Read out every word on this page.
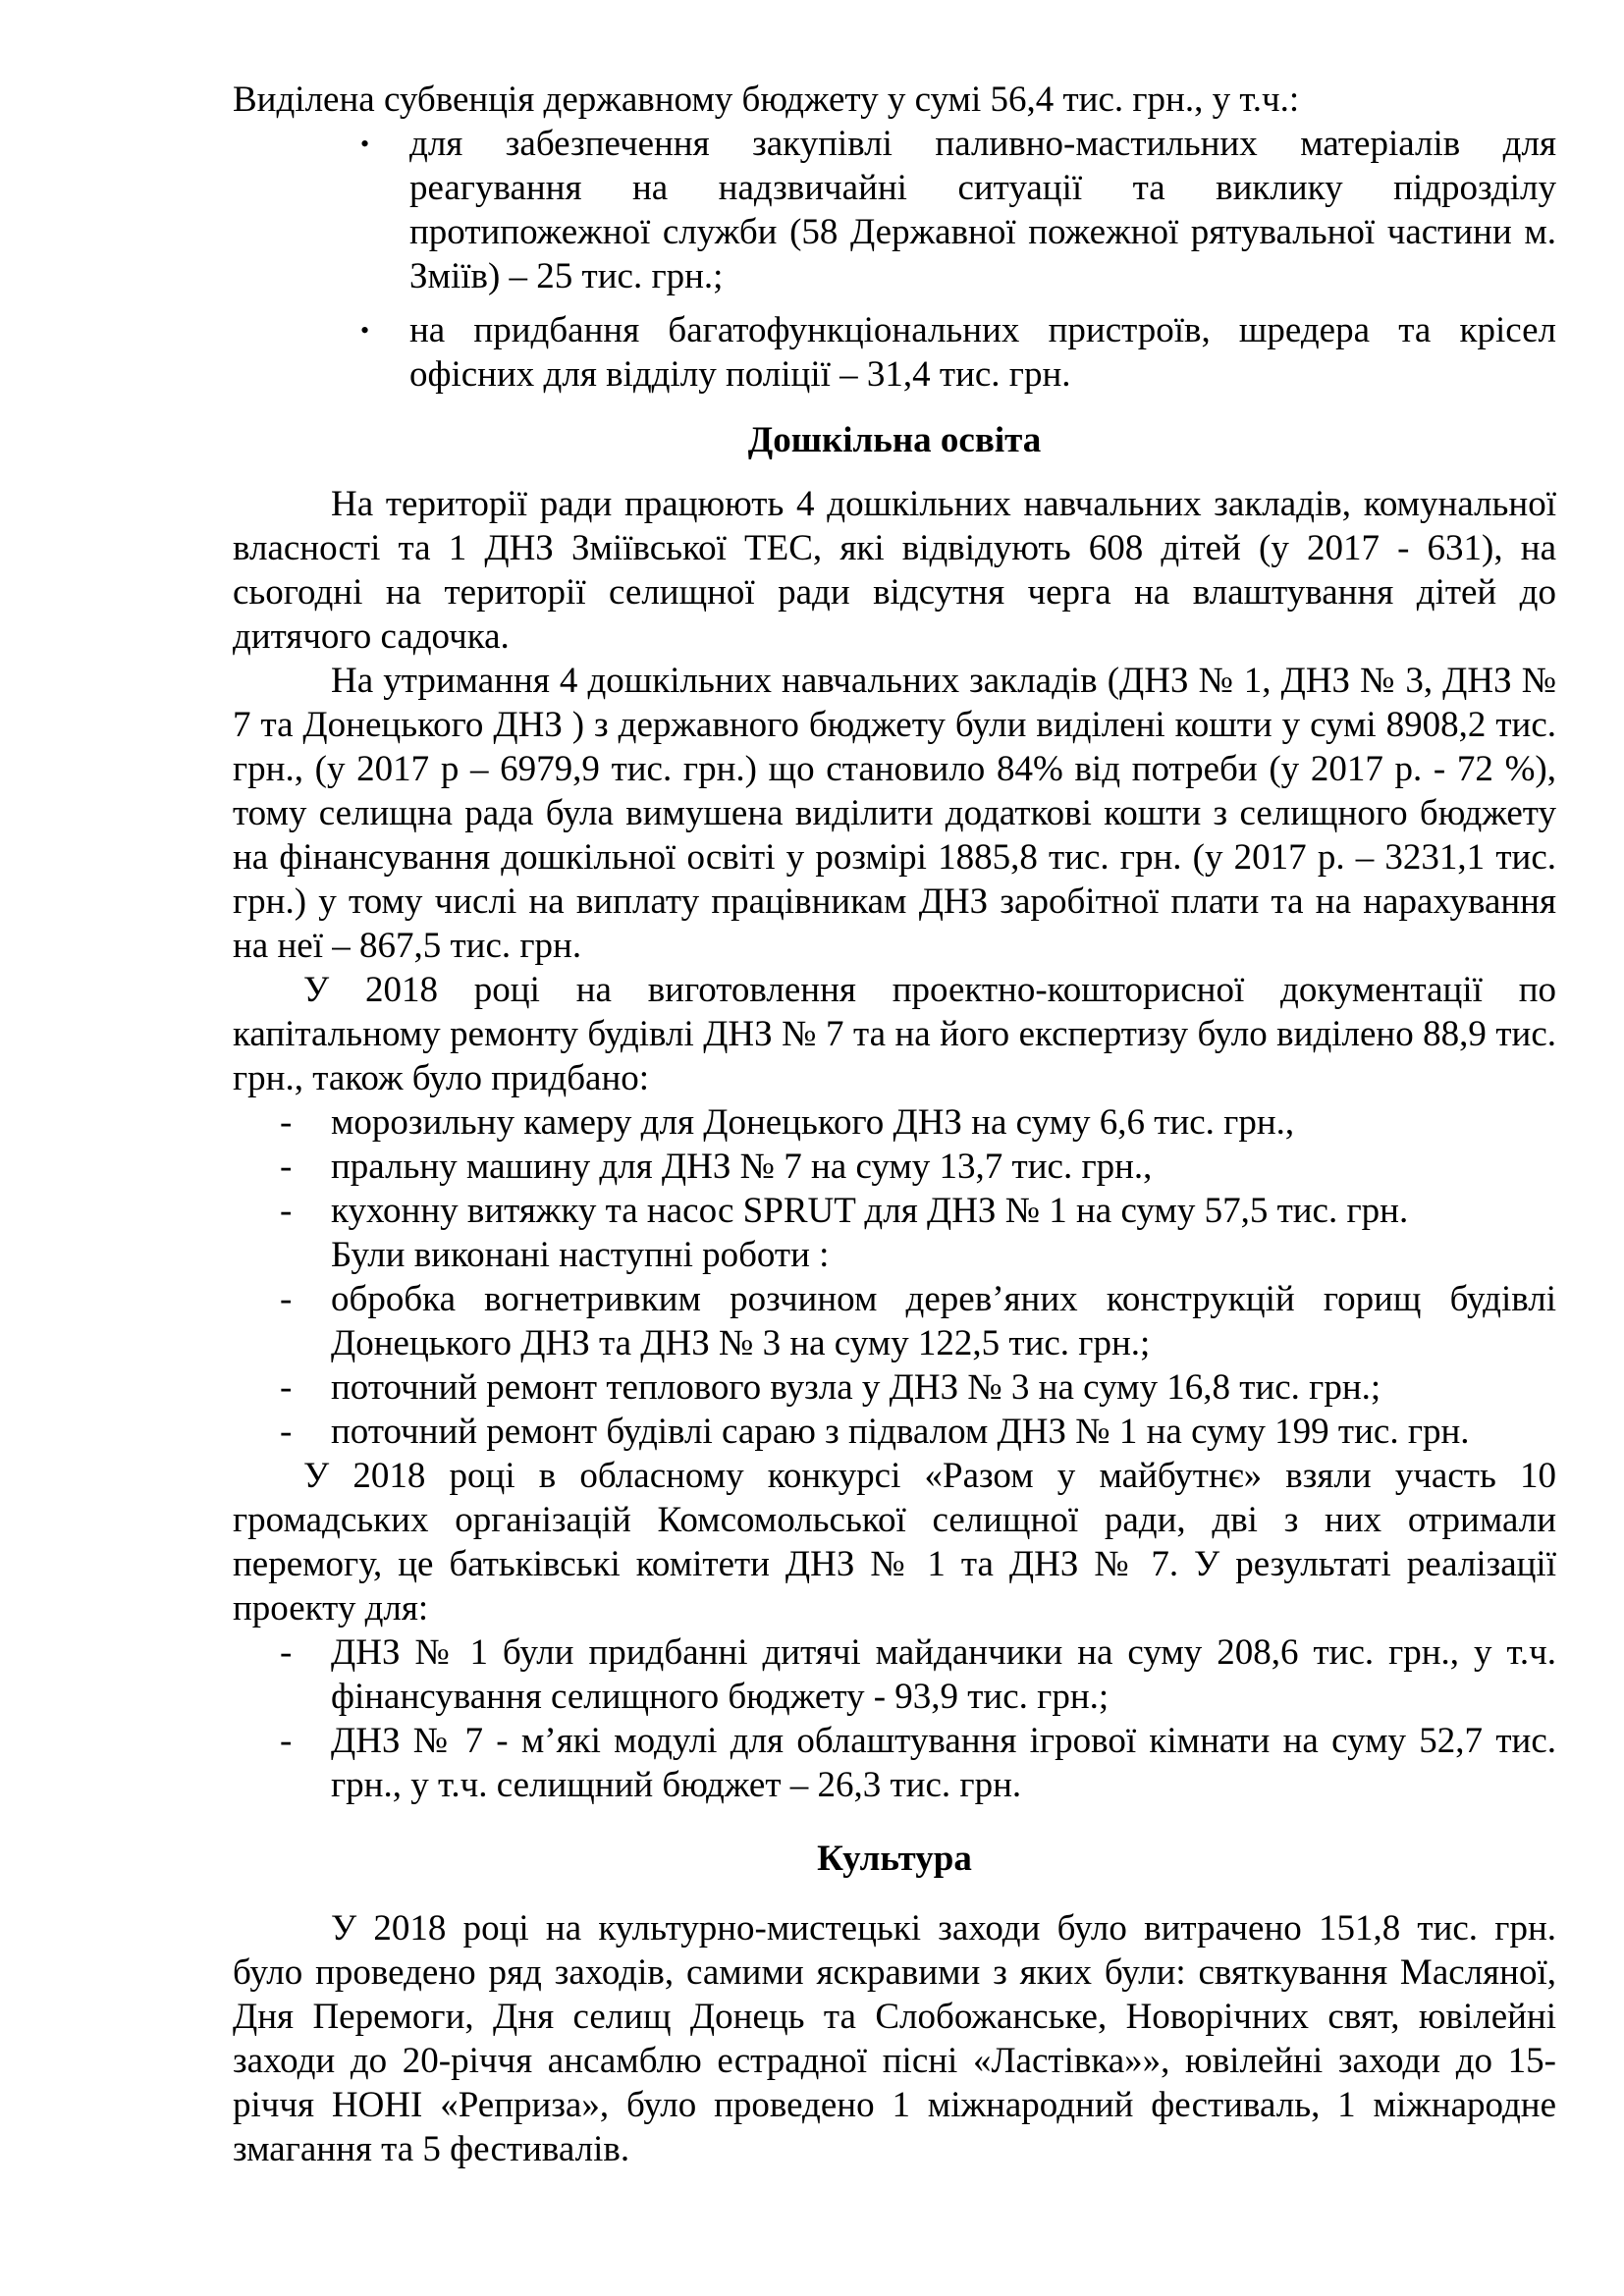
Виділена субвенція державному бюджету у сумі 56,4 тис. грн., у т.ч.:

• для забезпечення закупівлі паливно-мастильних матеріалів для реагування на надзвичайні ситуації та виклику підрозділу протипожежної служби (58 Державної пожежної рятувальної частини м. Зміїв) – 25 тис. грн.;
• на придбання багатофункціональних пристроїв, шредера та крісел офісних для відділу поліції – 31,4 тис. грн.
Дошкільна освіта

На території ради працюють 4 дошкільних навчальних закладів, комунальної власності та 1 ДНЗ Зміївської ТЕС, які відвідують 608 дітей (у 2017 - 631), на сьогодні на території селищної ради відсутня черга на влаштування дітей до дитячого садочка.

На утримання 4 дошкільних навчальних закладів (ДНЗ № 1, ДНЗ № 3, ДНЗ № 7 та Донецького ДНЗ ) з державного бюджету були виділені кошти у сумі 8908,2 тис. грн., (у 2017 р – 6979,9 тис. грн.) що становило 84% від потреби (у 2017 р. - 72 %), тому селищна рада була вимушена виділити додаткові кошти з селищного бюджету на фінансування дошкільної освіті у розмірі 1885,8 тис. грн. (у 2017 р. – 3231,1 тис. грн.) у тому числі на виплату працівникам ДНЗ заробітної плати та на нарахування на неї – 867,5 тис. грн.

У 2018 році на виготовлення проектно-кошторисної документації по капітальному ремонту будівлі ДНЗ № 7 та на його експертизу було виділено 88,9 тис. грн., також було придбано:

- морозильну камеру для Донецького ДНЗ на суму 6,6 тис. грн.,
- пральну машину для ДНЗ № 7 на суму 13,7 тис. грн.,
- кухонну витяжку та насос SPRUT для ДНЗ № 1 на суму 57,5 тис. грн.

Були виконані наступні роботи :

- обробка вогнетривким розчином дерев’яних конструкцій горищ будівлі Донецького ДНЗ та ДНЗ № 3 на суму 122,5 тис. грн.;
- поточний ремонт теплового вузла у ДНЗ № 3 на суму 16,8 тис. грн.;
- поточний ремонт будівлі сараю з підвалом ДНЗ № 1 на суму 199 тис. грн.

У 2018 році в обласному конкурсі «Разом у майбутнє» взяли участь 10 громадських організацій Комсомольської селищної ради, дві з них отримали перемогу, це батьківські комітети ДНЗ № 1 та ДНЗ № 7. У результаті реалізації проекту для:

- ДНЗ № 1 були придбанні дитячі майданчики на суму 208,6 тис. грн., у т.ч. фінансування селищного бюджету - 93,9 тис. грн.;
- ДНЗ № 7 - м’які модулі для облаштування ігрової кімнати на суму 52,7 тис. грн., у т.ч. селищний бюджет – 26,3 тис. грн.
Культура

У 2018 році на культурно-мистецькі заходи було витрачено 151,8 тис. грн. було проведено ряд заходів, самими яскравими з яких були: святкування Масляної, Дня Перемоги, Дня селищ Донець та Слобожанське, Новорічних свят, ювілейні заходи до 20-річчя ансамблю естрадної пісні «Ластівка»», ювілейні заходи до 15-річчя НОНІ «Реприза», було проведено 1 міжнародний фестиваль, 1 міжнародне змагання та 5 фестивалів.
